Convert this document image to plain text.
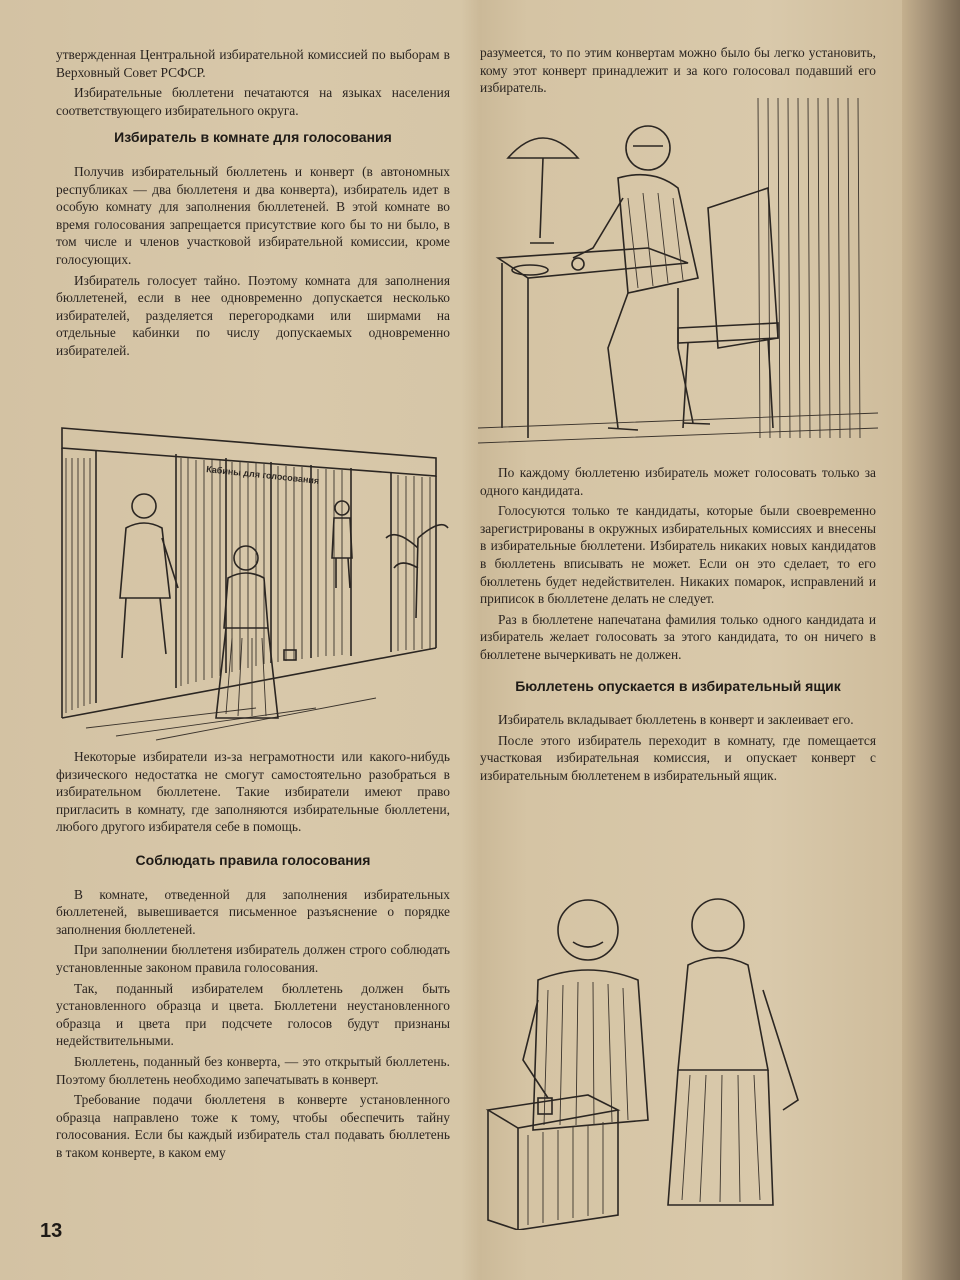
утвержденная Центральной избирательной комиссией по выборам в Верховный Совет РСФСР.

Избирательные бюллетени печатаются на языках населения соответствующего избирательного округа.

Избиратель в комнате для голосования

Получив избирательный бюллетень и конверт (в автономных республиках — два бюллетеня и два конверта), избиратель идет в особую комнату для заполнения бюллетеней. В этой комнате во время голосования запрещается присутствие кого бы то ни было, в том числе и членов участковой избирательной комиссии, кроме голосующих.

Избиратель голосует тайно. Поэтому комната для заполнения бюллетеней, если в нее одновременно допускается несколько избирателей, разделяется перегородками или ширмами на отдельные кабинки по числу допускаемых одновременно избирателей.

Кабины для голосования

Некоторые избиратели из-за неграмотности или какого-нибудь физического недостатка не смогут самостоятельно разобраться в избирательном бюллетене. Такие избиратели имеют право пригласить в комнату, где заполняются избирательные бюллетени, любого другого избирателя себе в помощь.

Соблюдать правила голосования

В комнате, отведенной для заполнения избирательных бюллетеней, вывешивается письменное разъяснение о порядке заполнения бюллетеней.

При заполнении бюллетеня избиратель должен строго соблюдать установленные законом правила голосования.

Так, поданный избирателем бюллетень должен быть установленного образца и цвета. Бюллетени неустановленного образца и цвета при подсчете голосов будут признаны недействительными.

Бюллетень, поданный без конверта, — это открытый бюллетень. Поэтому бюллетень необходимо запечатывать в конверт.

Требование подачи бюллетеня в конверте установленного образца направлено тоже к тому, чтобы обеспечить тайну голосования. Если бы каждый избиратель стал подавать бюллетень в таком конверте, в каком ему

разумеется, то по этим конвертам можно было бы легко установить, кому этот конверт принадлежит и за кого голосовал подавший его избиратель.

По каждому бюллетеню избиратель может голосовать только за одного кандидата.

Голосуются только те кандидаты, которые были своевременно зарегистрированы в окружных избирательных комиссиях и внесены в избирательные бюллетени. Избиратель никаких новых кандидатов в бюллетень вписывать не может. Если он это сделает, то его бюллетень будет недействителен. Никаких помарок, исправлений и приписок в бюллетене делать не следует.

Раз в бюллетене напечатана фамилия только одного кандидата и избиратель желает голосовать за этого кандидата, то он ничего в бюллетене вычеркивать не должен.

Бюллетень опускается в избирательный ящик

Избиратель вкладывает бюллетень в конверт и заклеивает его.

После этого избиратель переходит в комнату, где помещается участковая избирательная комиссия, и опускает конверт с избирательным бюллетенем в избирательный ящик.

13
